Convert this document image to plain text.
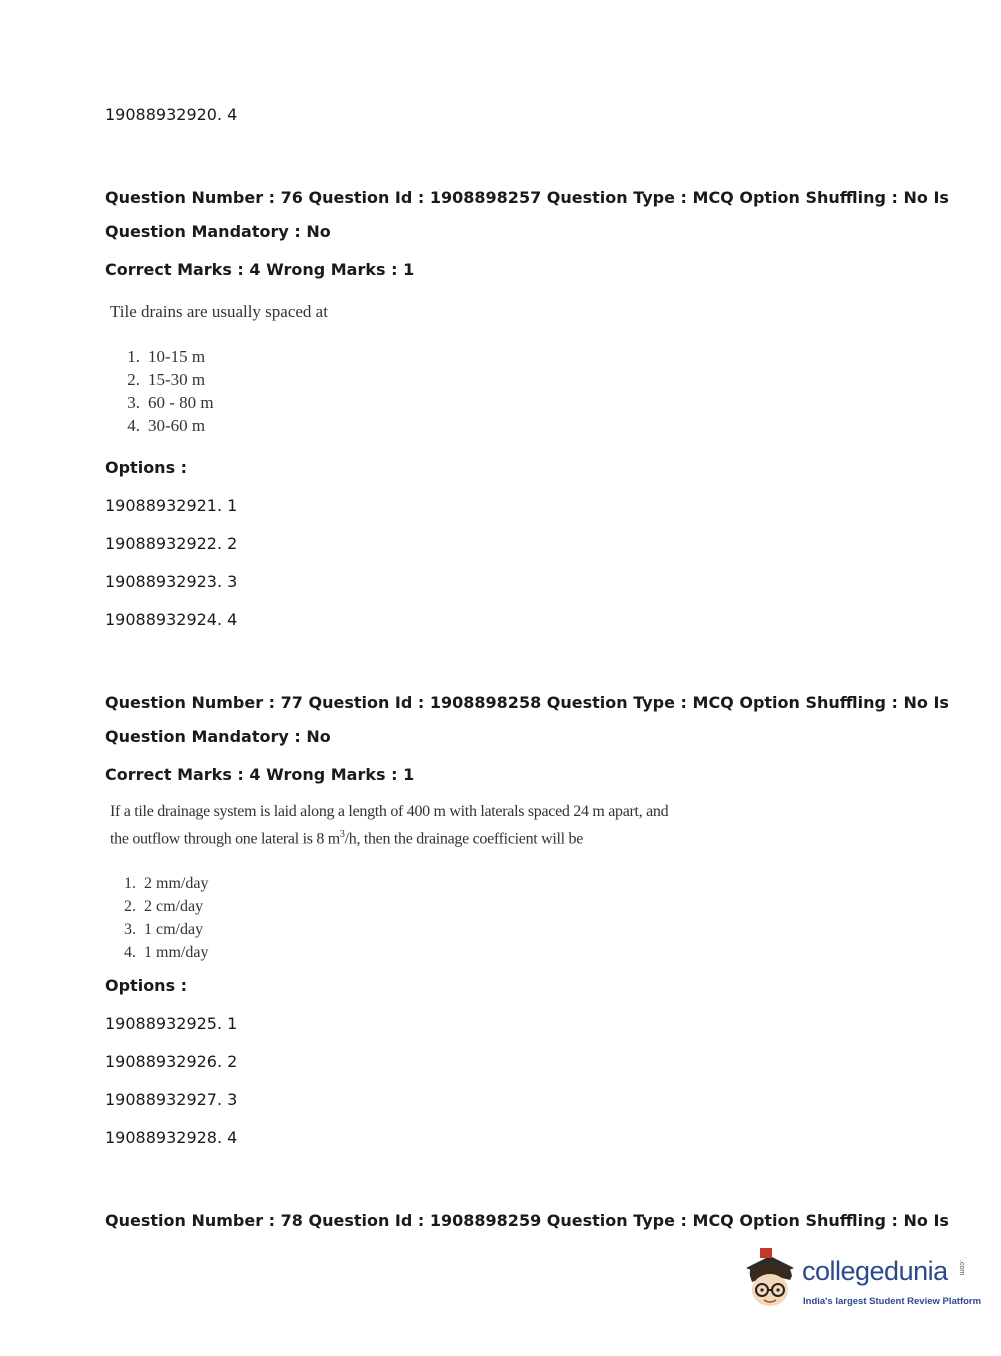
19088932920. 4
Question Number : 76 Question Id : 1908898257 Question Type : MCQ Option Shuffling : No Is
Question Mandatory : No
Correct Marks : 4 Wrong Marks : 1
Tile drains are usually spaced at
1. 10-15 m
2. 15-30 m
3. 60 - 80 m
4. 30-60 m
Options :
19088932921. 1
19088932922. 2
19088932923. 3
19088932924. 4
Question Number : 77 Question Id : 1908898258 Question Type : MCQ Option Shuffling : No Is
Question Mandatory : No
Correct Marks : 4 Wrong Marks : 1
If a tile drainage system is laid along a length of 400 m with laterals spaced 24 m apart, and
the outflow through one lateral is 8 $m^3/h$, then the drainage coefficient will be
1. 2 mm/day
2. 2 cm/day
3. 1 cm/day
4. 1 mm/day
Options :
19088932925. 1
19088932926. 2
19088932927. 3
19088932928. 4
Question Number : 78 Question Id : 1908898259 Question Type : MCQ Option Shuffling : No Is
collegedunia .com
India's largest Student Review Platform
